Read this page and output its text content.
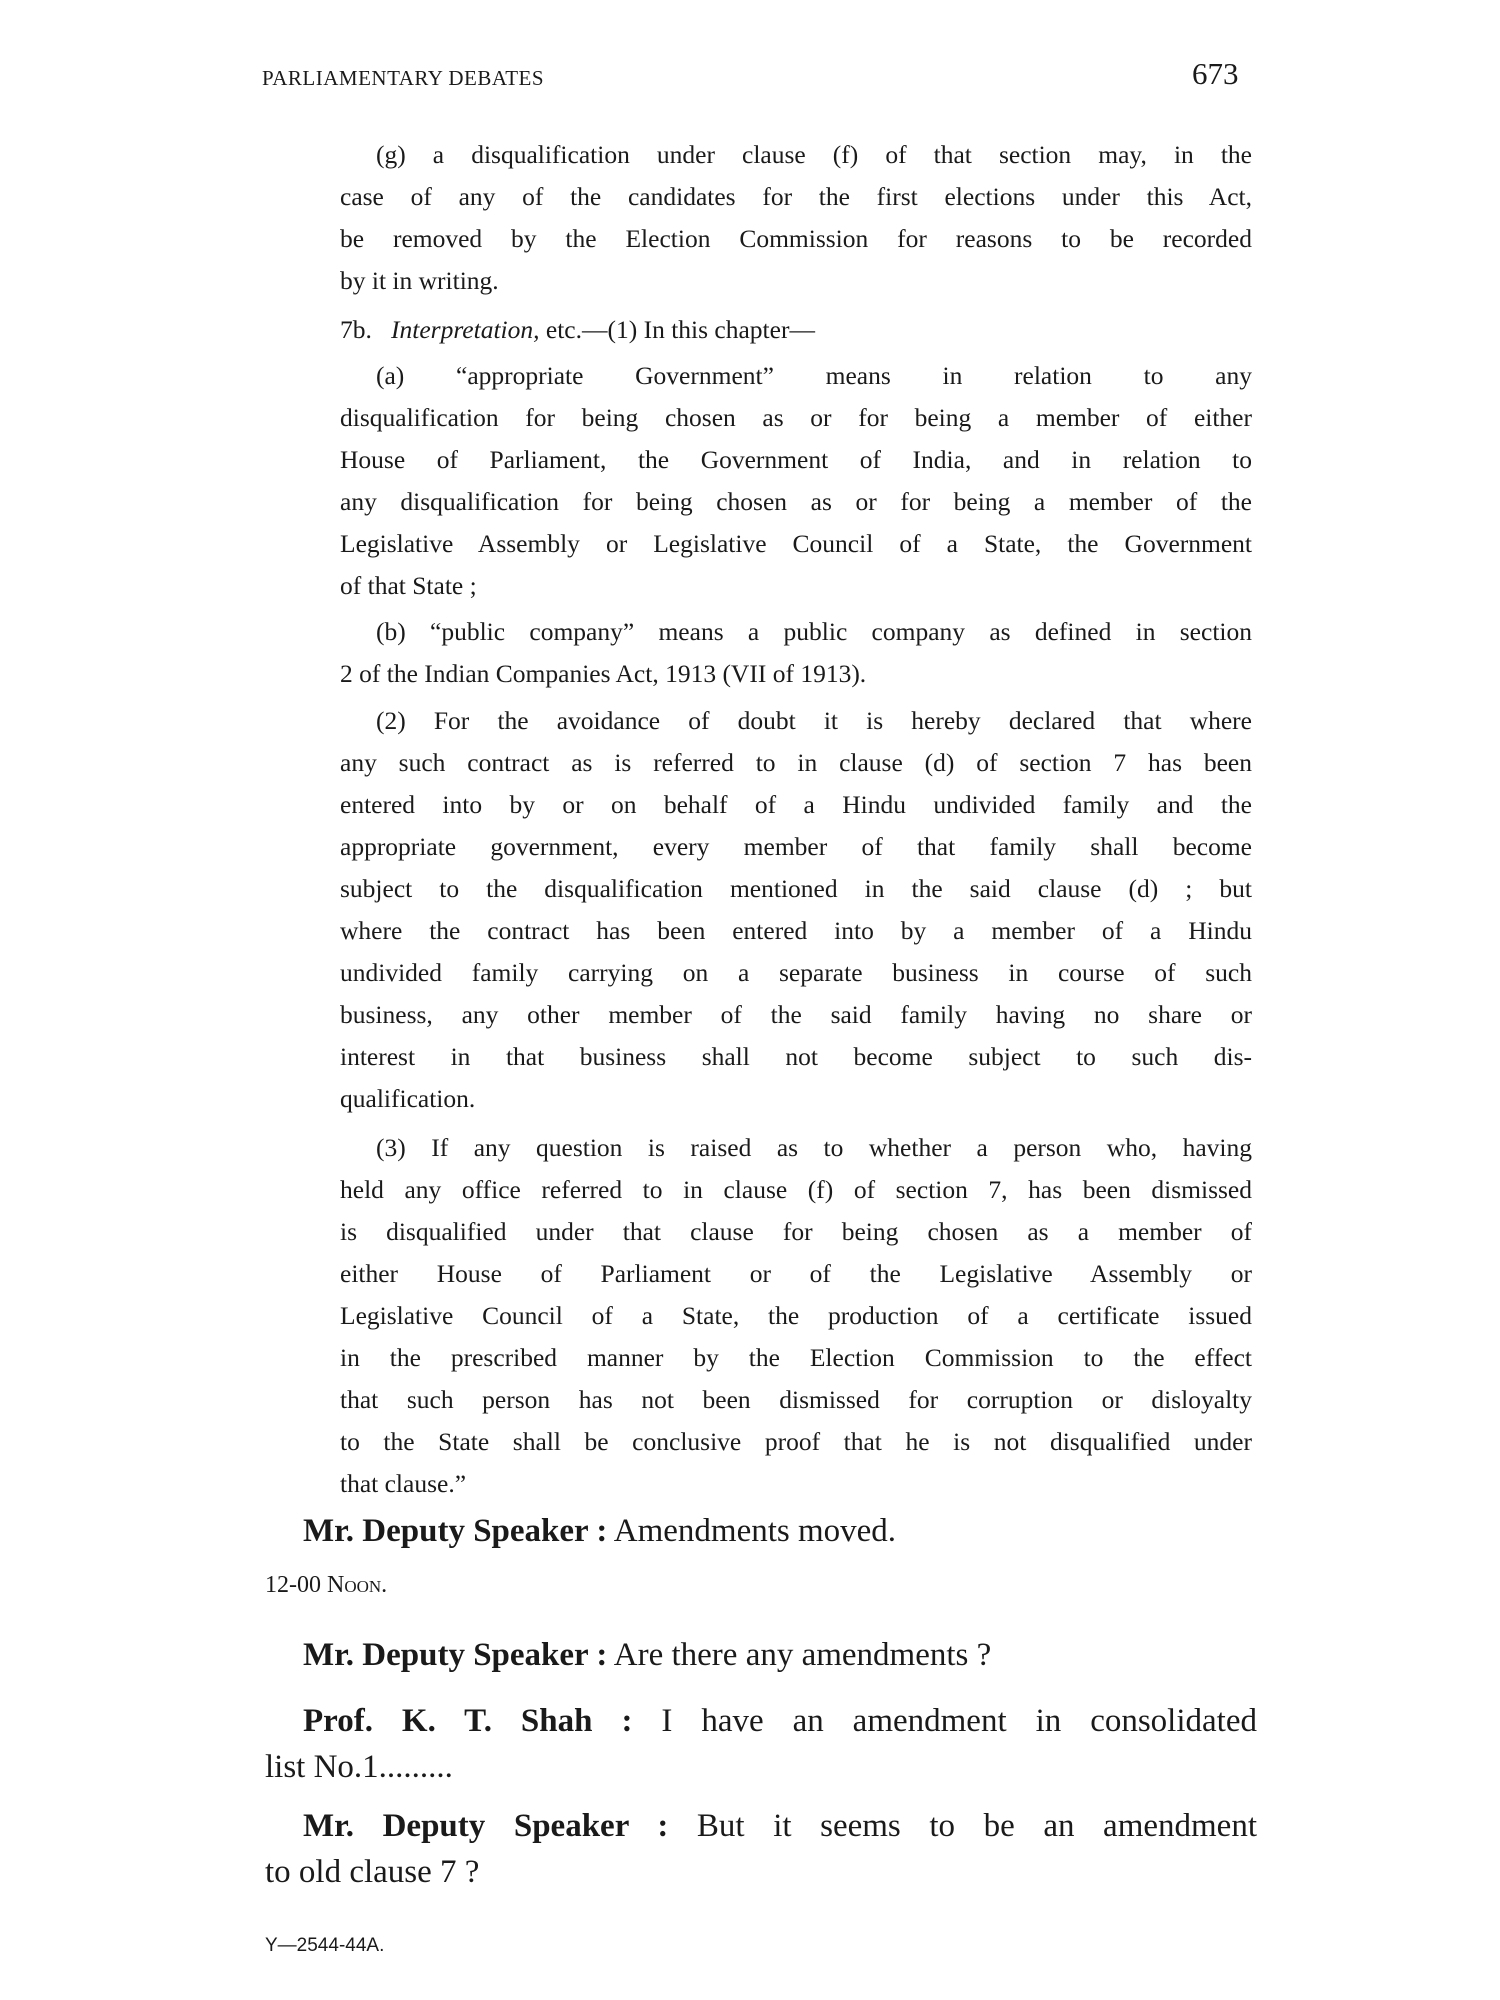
PARLIAMENTARY DEBATES	673
(g) a disqualification under clause (f) of that section may, in the
case of any of the candidates for the first elections under this Act,
be removed by the Election Commission for reasons to be recorded
by it in writing.
(a) “appropriate Government” means in relation to any
disqualification for being chosen as or for being a member of either
House of Parliament, the Government of India, and in relation to
any disqualification for being chosen as or for being a member of the
Legislative Assembly or Legislative Council of a State, the Government
of that State ;
(b) “public company” means a public company as defined in section
2 of the Indian Companies Act, 1913 (VII of 1913).
(2) For the avoidance of doubt it is hereby declared that where
any such contract as is referred to in clause (d) of section 7 has been
entered into by or on behalf of a Hindu undivided family and the
appropriate government, every member of that family shall become
subject to the disqualification mentioned in the said clause (d) ; but
where the contract has been entered into by a member of a Hindu
undivided family carrying on a separate business in course of such
business, any other member of the said family having no share or
interest in that business shall not become subject to such dis-
qualification.
(3) If any question is raised as to whether a person who, having
held any office referred to in clause (f) of section 7, has been dismissed
is disqualified under that clause for being chosen as a member of
either House of Parliament or of the Legislative Assembly or
Legislative Council of a State, the production of a certificate issued
in the prescribed manner by the Election Commission to the effect
that such person has not been dismissed for corruption or disloyalty
to the State shall be conclusive proof that he is not disqualified under
that clause.”
7b. Interpretation, etc.—(1) In this chapter—
12-00 Noon.
Mr. Deputy Speaker : Amendments moved.
Mr. Deputy Speaker : Are there any amendments ?
Prof. K. T. Shah : I have an amendment in consolidated
list No.1.........
Mr. Deputy Speaker : But it seems to be an amendment
to old clause 7 ?
Y—2544-44A.
